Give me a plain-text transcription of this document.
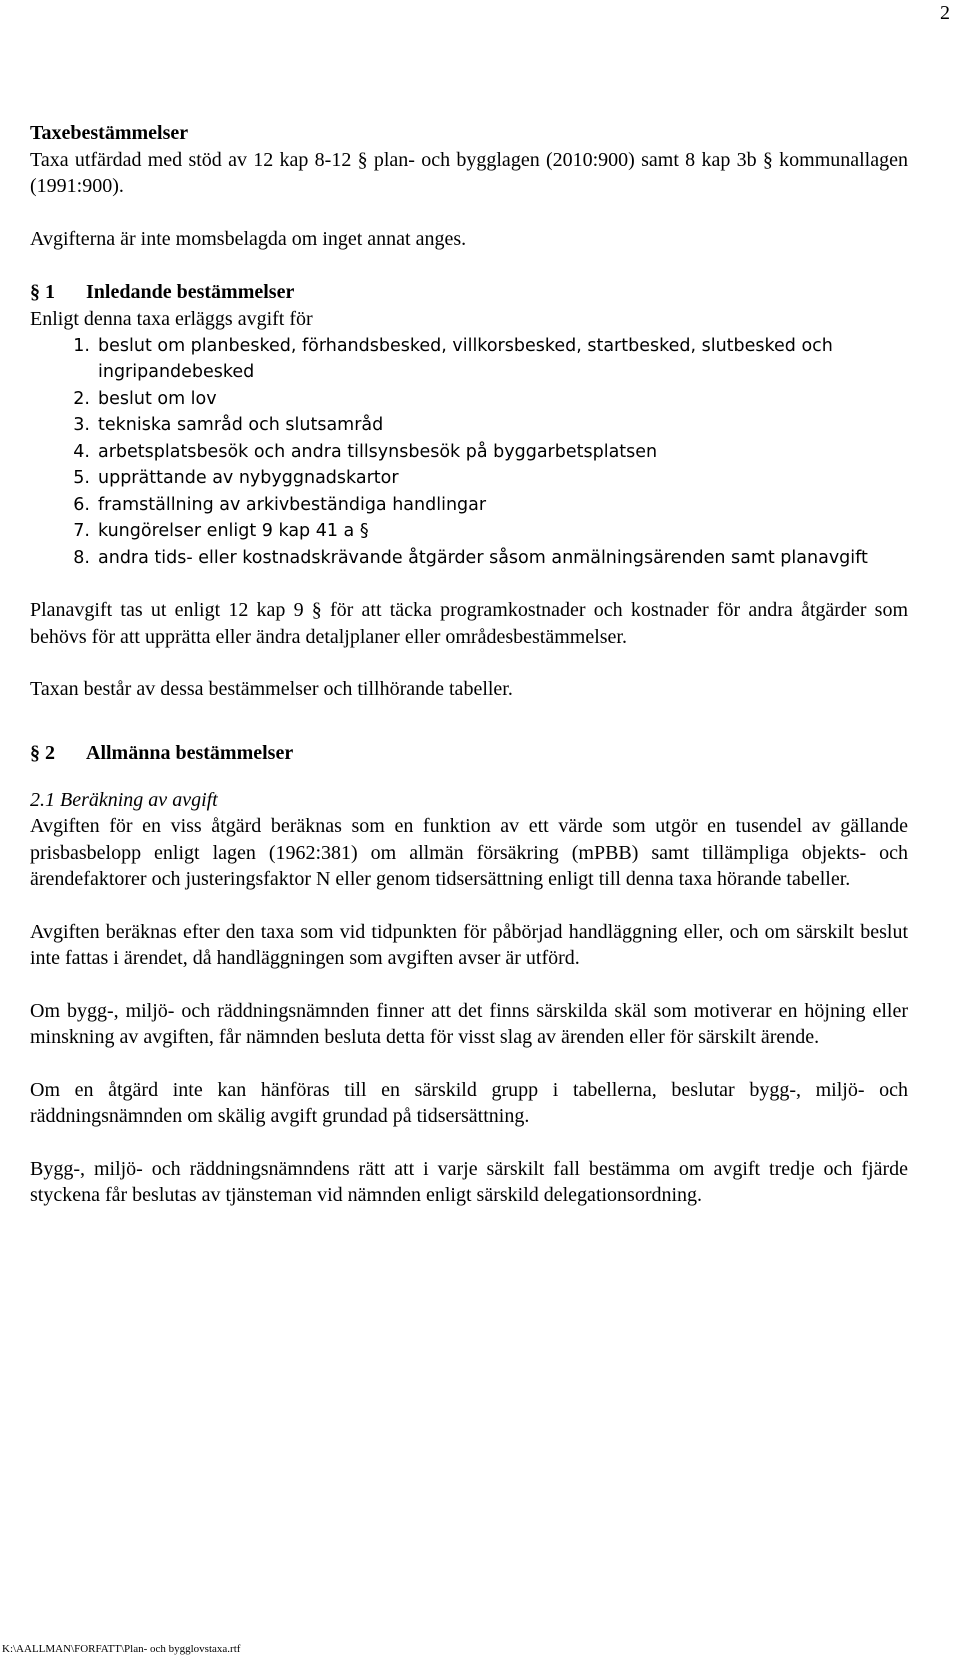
2

Taxebestämmelser

Taxa utfärdad med stöd av 12 kap 8-12 § plan- och bygglagen (2010:900) samt 8 kap 3b § kommunallagen (1991:900).

Avgifterna är inte momsbelagda om inget annat anges.

§ 1	Inledande bestämmelser

Enligt denna taxa erläggs avgift för

1. beslut om planbesked, förhandsbesked, villkorsbesked, startbesked, slutbesked och ingripandebesked
2. beslut om lov
3. tekniska samråd och slutsamråd
4. arbetsplatsbesök och andra tillsynsbesök på byggarbetsplatsen
5. upprättande av nybyggnadskartor
6. framställning av arkivbeständiga handlingar
7. kungörelser enligt 9 kap 41 a §
8. andra tids- eller kostnadskrävande åtgärder såsom anmälningsärenden samt planavgift

Planavgift tas ut enligt 12 kap 9 § för att täcka programkostnader och kostnader för andra åtgärder som behövs för att upprätta eller ändra detaljplaner eller områdesbestämmelser.

Taxan består av dessa bestämmelser och tillhörande tabeller.

§ 2	Allmänna bestämmelser

2.1 Beräkning av avgift

Avgiften för en viss åtgärd beräknas som en funktion av ett värde som utgör en tusendel av gällande prisbasbelopp enligt lagen (1962:381) om allmän försäkring (mPBB) samt tillämpliga objekts- och ärendefaktorer och justeringsfaktor N eller genom tidsersättning enligt till denna taxa hörande tabeller.

Avgiften beräknas efter den taxa som vid tidpunkten för påbörjad handläggning eller, och om särskilt beslut inte fattas i ärendet, då handläggningen som avgiften avser är utförd.

Om bygg-, miljö- och räddningsnämnden finner att det finns särskilda skäl som motiverar en höjning eller minskning av avgiften, får nämnden besluta detta för visst slag av ärenden eller för särskilt ärende.

Om en åtgärd inte kan hänföras till en särskild grupp i tabellerna, beslutar bygg-, miljö- och räddningsnämnden om skälig avgift grundad på tidsersättning.

Bygg-, miljö- och räddningsnämndens rätt att i varje särskilt fall bestämma om avgift tredje och fjärde styckena får beslutas av tjänsteman vid nämnden enligt särskild delegationsordning.

K:\AALLMAN\FORFATT\Plan- och bygglovstaxa.rtf
